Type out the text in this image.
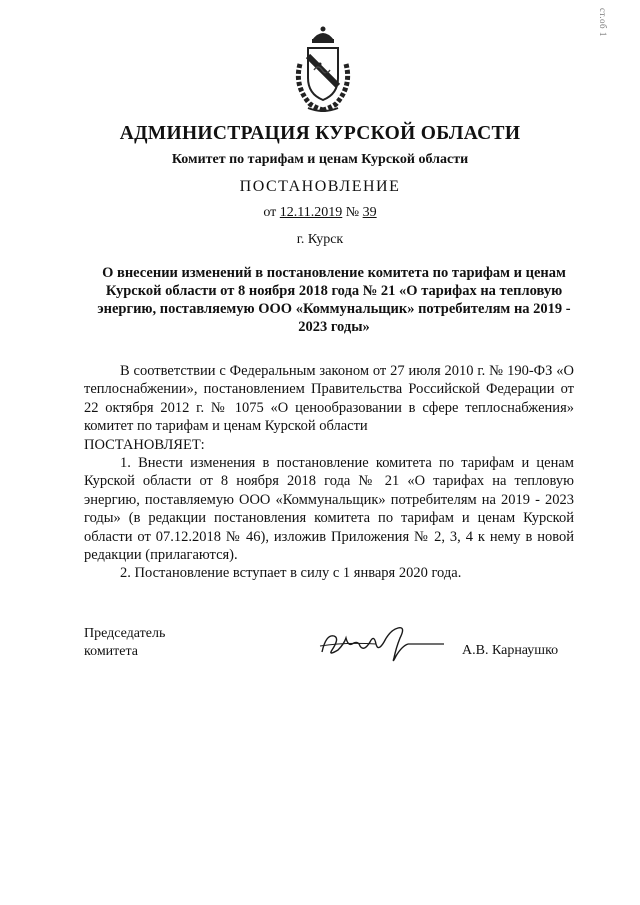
ст.об 1
АДМИНИСТРАЦИЯ КУРСКОЙ ОБЛАСТИ
Комитет по тарифам и ценам Курской области
ПОСТАНОВЛЕНИЕ
от 12.11.2019 № 39
г. Курск
О внесении изменений в постановление комитета по тарифам и ценам Курской области от 8 ноября 2018 года № 21 «О тарифах на тепловую энергию, поставляемую ООО «Коммунальщик» потребителям на 2019 - 2023 годы»

В соответствии с Федеральным законом от 27 июля 2010 г. № 190-ФЗ «О теплоснабжении», постановлением Правительства Российской Федерации от 22 октября 2012 г. № 1075 «О ценообразовании в сфере теплоснабжения» комитет по тарифам и ценам Курской области

ПОСТАНОВЛЯЕТ:

1. Внести изменения в постановление комитета по тарифам и ценам Курской области от 8 ноября 2018 года № 21 «О тарифах на тепловую энергию, поставляемую ООО «Коммунальщик» потребителям на 2019 - 2023 годы» (в редакции постановления комитета по тарифам и ценам Курской области от 07.12.2018 № 46), изложив Приложения № 2, 3, 4 к нему в новой редакции (прилагаются).

2. Постановление вступает в силу с 1 января 2020 года.

Председатель
комитета	А.В. Карнаушко
